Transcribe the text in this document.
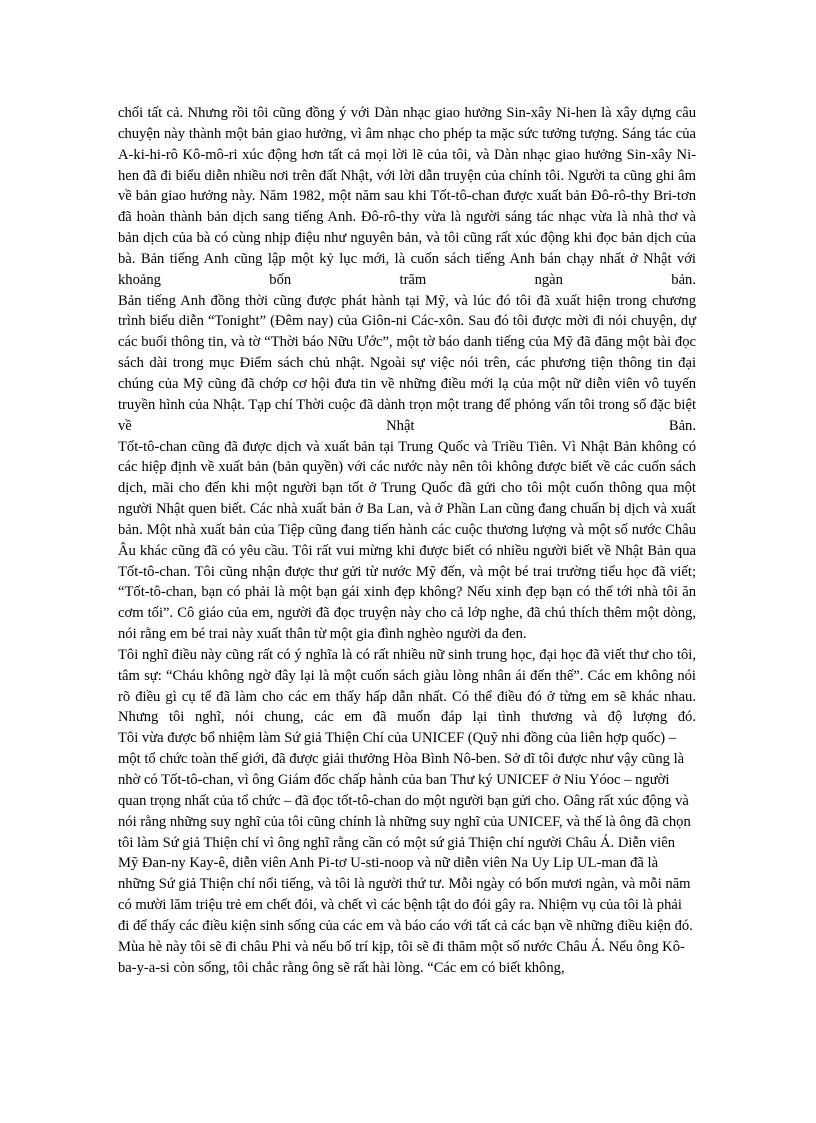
chối tất cả. Nhưng rồi tôi cũng đồng ý với Dàn nhạc giao hưởng Sin-xây Ni-hen là xây dựng câu chuyện này thành một bản giao hưởng, vì âm nhạc cho phép ta mặc sức tưởng tượng. Sáng tác của A-ki-hi-rô Kô-mô-ri xúc động hơn tất cả mọi lời lẽ của tôi, và Dàn nhạc giao hưởng Sin-xây Ni-hen đã đi biểu diễn nhiều nơi trên đất Nhật, với lời dẫn truyện của chính tôi. Người ta cũng ghi âm về bản giao hưởng này. Năm 1982, một năm sau khi Tốt-tô-chan được xuất bản Đô-rô-thy Bri-tơn đã hoàn thành bản dịch sang tiếng Anh. Đô-rô-thy vừa là người sáng tác nhạc vừa là nhà thơ và bản dịch của bà có cùng nhịp điệu như nguyên bản, và tôi cũng rất xúc động khi đọc bản dịch của bà. Bản tiếng Anh cũng lập một kỷ lục mới, là cuốn sách tiếng Anh bán chạy nhất ở Nhật với khoảng bốn trăm ngàn bản.

Bản tiếng Anh đồng thời cũng được phát hành tại Mỹ, và lúc đó tôi đã xuất hiện trong chương trình biểu diễn “Tonight” (Đêm nay) của Giôn-ni Các-xôn. Sau đó tôi được mời đi nói chuyện, dự các buổi thông tin, và tờ “Thời báo Nữu Ước”, một tờ báo danh tiếng của Mỹ đã đăng một bài đọc sách dài trong mục Điểm sách chủ nhật. Ngoài sự việc nói trên, các phương tiện thông tin đại chúng của Mỹ cũng đã chớp cơ hội đưa tin về những điều mới lạ của một nữ diễn viên vô tuyến truyền hình của Nhật. Tạp chí Thời cuộc đã dành trọn một trang để phỏng vấn tôi trong số đặc biệt về Nhật Bản.

Tốt-tô-chan cũng đã được dịch và xuất bản tại Trung Quốc và Triều Tiên. Vì Nhật Bản không có các hiệp định về xuất bản (bản quyền) với các nước này nên tôi không được biết về các cuốn sách dịch, mãi cho đến khi một người bạn tốt ở Trung Quốc đã gửi cho tôi một cuốn thông qua một người Nhật quen biết. Các nhà xuất bản ở Ba Lan, và ở Phần Lan cũng đang chuẩn bị dịch và xuất bản. Một nhà xuất bản của Tiệp cũng đang tiến hành các cuộc thương lượng và một số nước Châu Âu khác cũng đã có yêu cầu. Tôi rất vui mừng khi được biết có nhiều người biết về Nhật Bản qua Tốt-tô-chan. Tôi cũng nhận được thư gửi từ nước Mỹ đến, và một bé trai trường tiểu học đã viết; “Tốt-tô-chan, bạn có phải là một bạn gái xinh đẹp không? Nếu xinh đẹp bạn có thể tới nhà tôi ăn cơm tối”. Cô giáo của em, người đã đọc truyện này cho cả lớp nghe, đã chú thích thêm một dòng, nói rằng em bé trai này xuất thân từ một gia đình nghèo người da đen.

Tôi nghĩ điều này cũng rất có ý nghĩa là có rất nhiều nữ sinh trung học, đại học đã viết thư cho tôi, tâm sự: “Cháu không ngờ đây lại là một cuốn sách giàu lòng nhân ái đến thế”. Các em không nói rõ điều gì cụ tể đã làm cho các em thấy hấp dẫn nhất. Có thể điều đó ở từng em sẽ khác nhau. Nhưng tôi nghĩ, nói chung, các em đã muốn đáp lại tình thương và độ lượng đó.

Tôi vừa được bổ nhiệm làm Sứ giả Thiện Chí của UNICEF (Quỹ nhi đồng của liên hợp quốc) – một tổ chức toàn thế giới, đã được giải thưởng Hòa Bình Nô-ben. Sở dĩ tôi được như vậy cũng là nhờ có Tốt-tô-chan, vì ông Giám đốc chấp hành của ban Thư ký UNICEF ở Niu Yóoc – người quan trọng nhất của tổ chức – đã đọc tốt-tô-chan do một người bạn gửi cho. Oâng rất xúc động và nói rằng những suy nghĩ của tôi cũng chính là những suy nghĩ của UNICEF, và thế là ông đã chọn tôi làm Sứ giả Thiện chí vì ông nghĩ rằng cần có một sứ giả Thiện chí người Châu Á. Diễn viên Mỹ Đan-ny Kay-ê, diễn viên Anh Pi-tơ U-sti-noop và nữ diễn viên Na Uy Lip UL-man đã là những Sứ giả Thiện chí nổi tiếng, và tôi là người thứ tư. Mỗi ngày có bốn mươi ngàn, và mỗi năm có mười lăm triệu trẻ em chết đói, và chết vì các bệnh tật do đói gây ra. Nhiệm vụ của tôi là phải đi để thấy các điều kiện sinh sống của các em và báo cáo với tất cả các bạn về những điều kiện đó. Mùa hè này tôi sẽ đi châu Phi và nếu bố trí kịp, tôi sẽ đi thăm một số nước Châu Á. Nếu ông Kô-ba-y-a-si còn sống, tôi chắc rằng ông sẽ rất hài lòng. “Các em có biết không,
